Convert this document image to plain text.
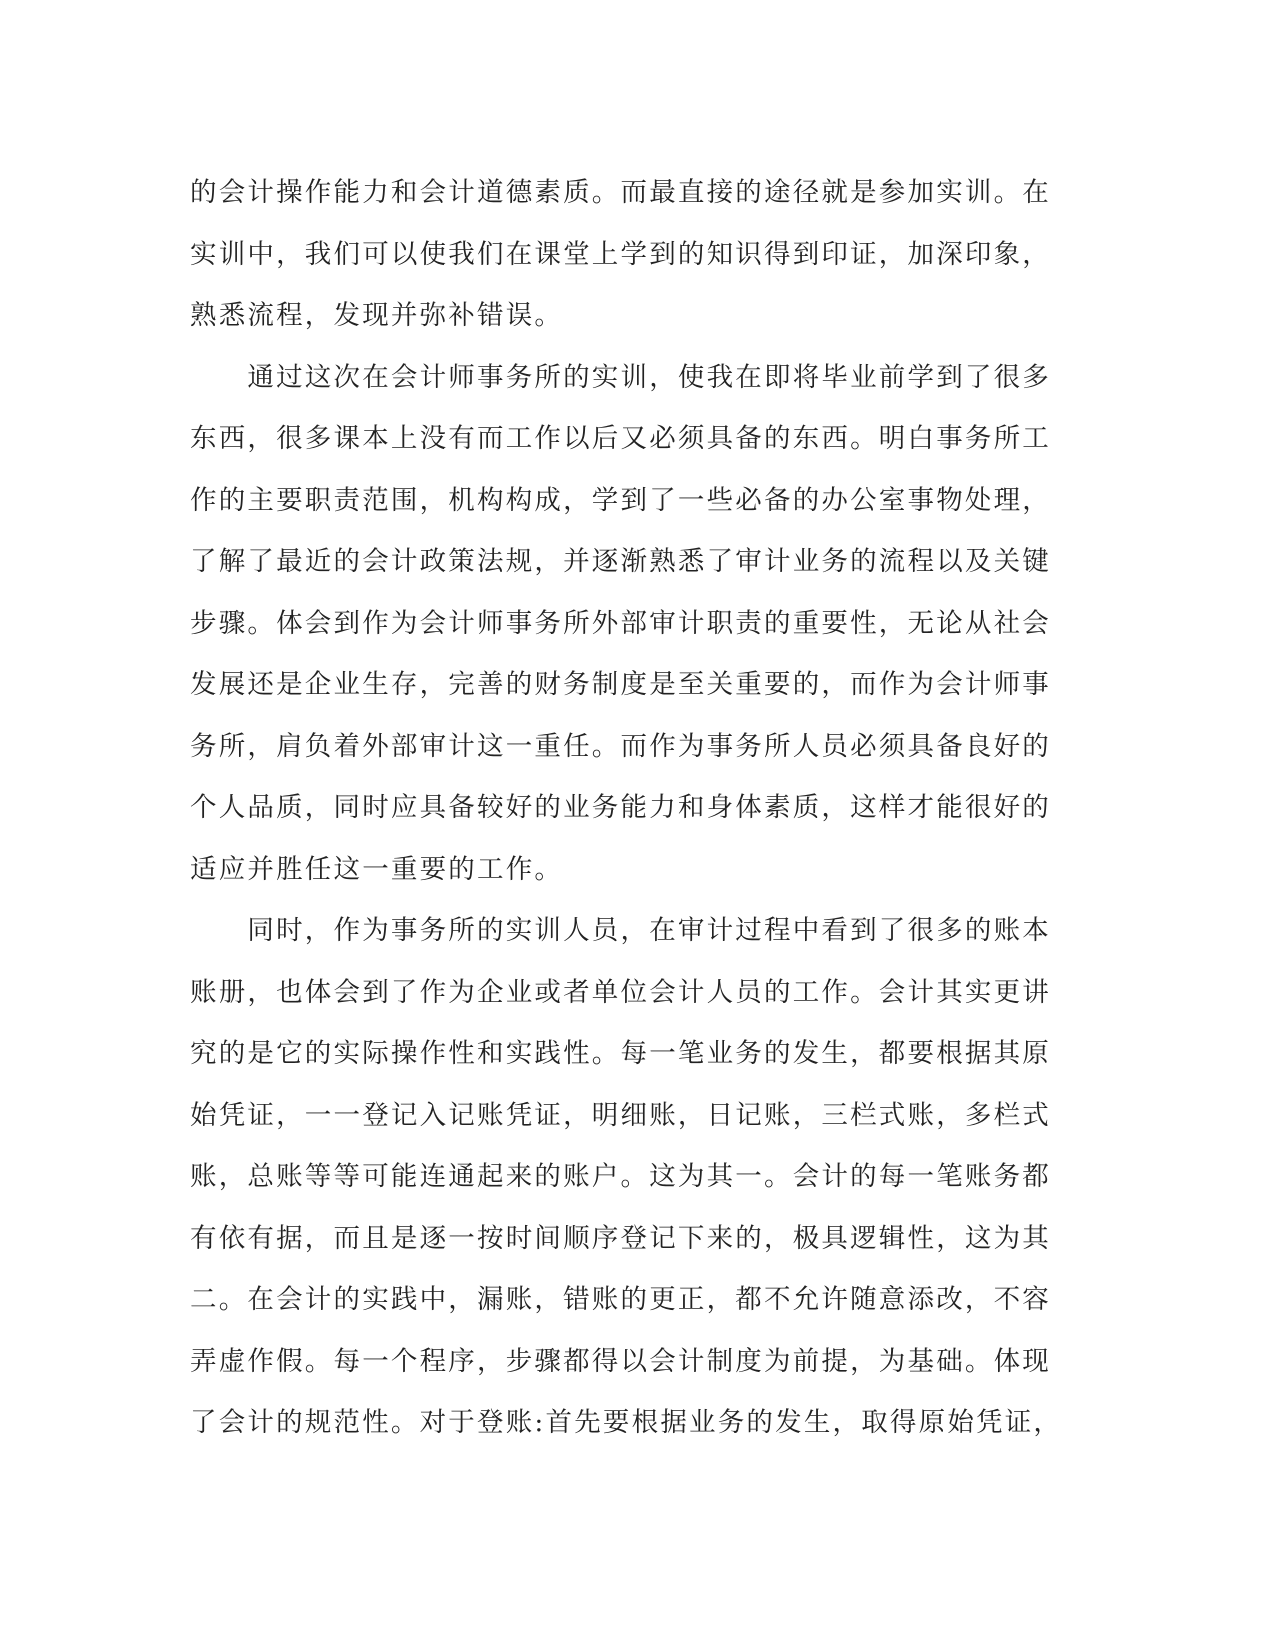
的会计操作能力和会计道德素质。而最直接的途径就是参加实训。在
实训中，我们可以使我们在课堂上学到的知识得到印证，加深印象，
熟悉流程，发现并弥补错误。
　　通过这次在会计师事务所的实训，使我在即将毕业前学到了很多
东西，很多课本上没有而工作以后又必须具备的东西。明白事务所工
作的主要职责范围，机构构成，学到了一些必备的办公室事物处理，
了解了最近的会计政策法规，并逐渐熟悉了审计业务的流程以及关键
步骤。体会到作为会计师事务所外部审计职责的重要性，无论从社会
发展还是企业生存，完善的财务制度是至关重要的，而作为会计师事
务所，肩负着外部审计这一重任。而作为事务所人员必须具备良好的
个人品质，同时应具备较好的业务能力和身体素质，这样才能很好的
适应并胜任这一重要的工作。
　　同时，作为事务所的实训人员，在审计过程中看到了很多的账本
账册，也体会到了作为企业或者单位会计人员的工作。会计其实更讲
究的是它的实际操作性和实践性。每一笔业务的发生，都要根据其原
始凭证，一一登记入记账凭证，明细账，日记账，三栏式账，多栏式
账，总账等等可能连通起来的账户。这为其一。会计的每一笔账务都
有依有据，而且是逐一按时间顺序登记下来的，极具逻辑性，这为其
二。在会计的实践中，漏账，错账的更正，都不允许随意添改，不容
弄虚作假。每一个程序，步骤都得以会计制度为前提，为基础。体现
了会计的规范性。对于登账:首先要根据业务的发生，取得原始凭证，
